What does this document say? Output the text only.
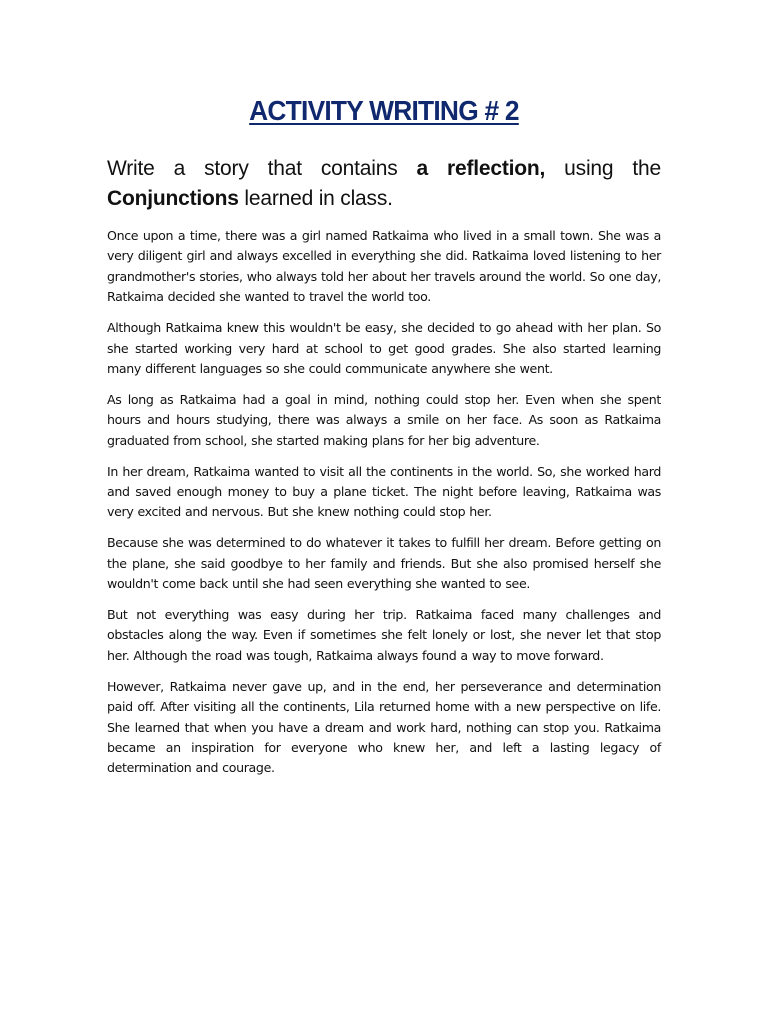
ACTIVITY WRITING # 2

Write a story that contains a reflection, using the Conjunctions learned in class.

Once upon a time, there was a girl named Ratkaima who lived in a small town. She was a very diligent girl and always excelled in everything she did. Ratkaima loved listening to her grandmother's stories, who always told her about her travels around the world. So one day, Ratkaima decided she wanted to travel the world too.

Although Ratkaima knew this wouldn't be easy, she decided to go ahead with her plan. So she started working very hard at school to get good grades. She also started learning many different languages so she could communicate anywhere she went.

As long as Ratkaima had a goal in mind, nothing could stop her. Even when she spent hours and hours studying, there was always a smile on her face. As soon as Ratkaima graduated from school, she started making plans for her big adventure.

In her dream, Ratkaima wanted to visit all the continents in the world. So, she worked hard and saved enough money to buy a plane ticket. The night before leaving, Ratkaima was very excited and nervous. But she knew nothing could stop her.

Because she was determined to do whatever it takes to fulfill her dream. Before getting on the plane, she said goodbye to her family and friends. But she also promised herself she wouldn't come back until she had seen everything she wanted to see.

But not everything was easy during her trip. Ratkaima faced many challenges and obstacles along the way. Even if sometimes she felt lonely or lost, she never let that stop her. Although the road was tough, Ratkaima always found a way to move forward.

However, Ratkaima never gave up, and in the end, her perseverance and determination paid off. After visiting all the continents, Lila returned home with a new perspective on life. She learned that when you have a dream and work hard, nothing can stop you. Ratkaima became an inspiration for everyone who knew her, and left a lasting legacy of determination and courage.
